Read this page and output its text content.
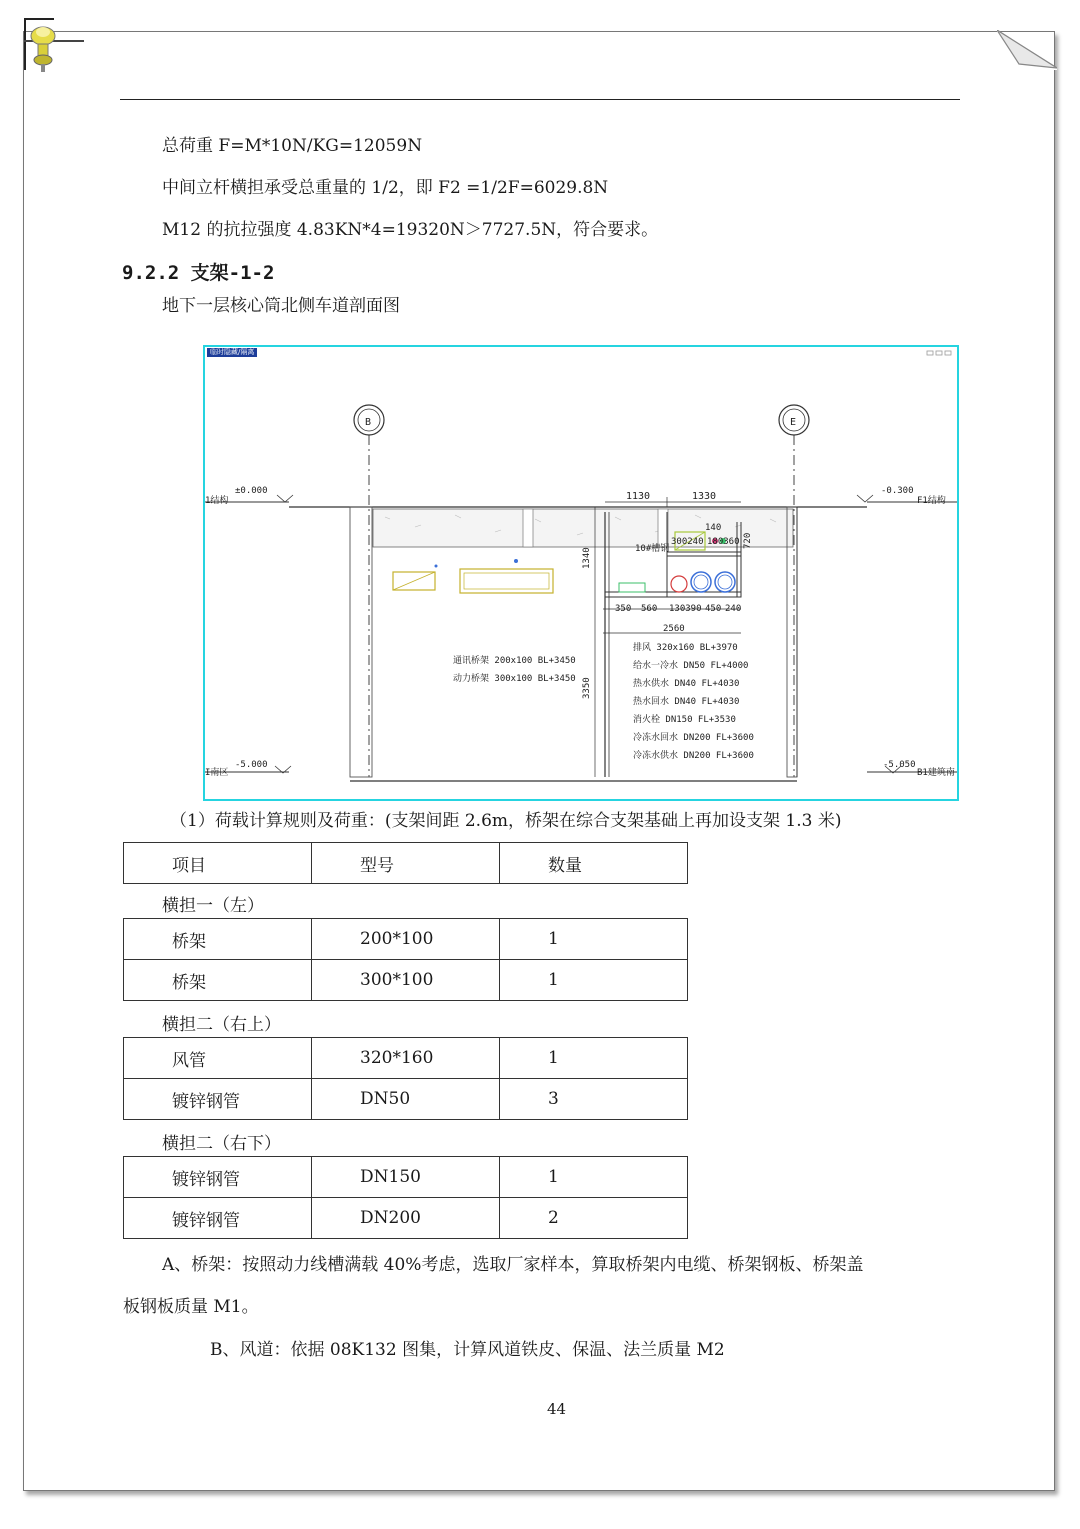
总荷重 F=M*10N/KG=12059N
中间立杆横担承受总重量的 1/2，即 F2 =1/2F=6029.8N
M12 的抗拉强度 4.83KN*4=19320N＞7727.5N，符合要求。
9.2.2 支架-1-2
地下一层核心筒北侧车道剖面图
临时隐藏/隔离
B	E
±0.000
1结构
-0.300
F1结构
10#槽钢
1130	1330
140
300240 180360 720
1340
3350
350 560 130390 450 240
2560
通讯桥架 200x100 BL+3450
动力桥架 300x100 BL+3450
排风 320x160 BL+3970
给水一冷水 DN50 FL+4000
热水供水 DN40 FL+4030
热水回水 DN40 FL+4030
消火栓 DN150 FL+3530
冷冻水回水 DN200 FL+3600
冷冻水供水 DN200 FL+3600
-5.000
I南区
-5.050
B1建筑南
（1）荷载计算规则及荷重：(支架间距 2.6m，桥架在综合支架基础上再加设支架 1.3 米)
项目	型号	数量
横担一（左）
桥架	200*100	1
桥架	300*100	1
横担二（右上）
风管	320*160	1
镀锌钢管	DN50	3
横担二（右下）
镀锌钢管	DN150	1
镀锌钢管	DN200	2
A、桥架：按照动力线槽满载 40%考虑，选取厂家样本，算取桥架内电缆、桥架钢板、桥架盖
板钢板质量 M1。
B、风道：依据 08K132 图集，计算风道铁皮、保温、法兰质量 M2
44
